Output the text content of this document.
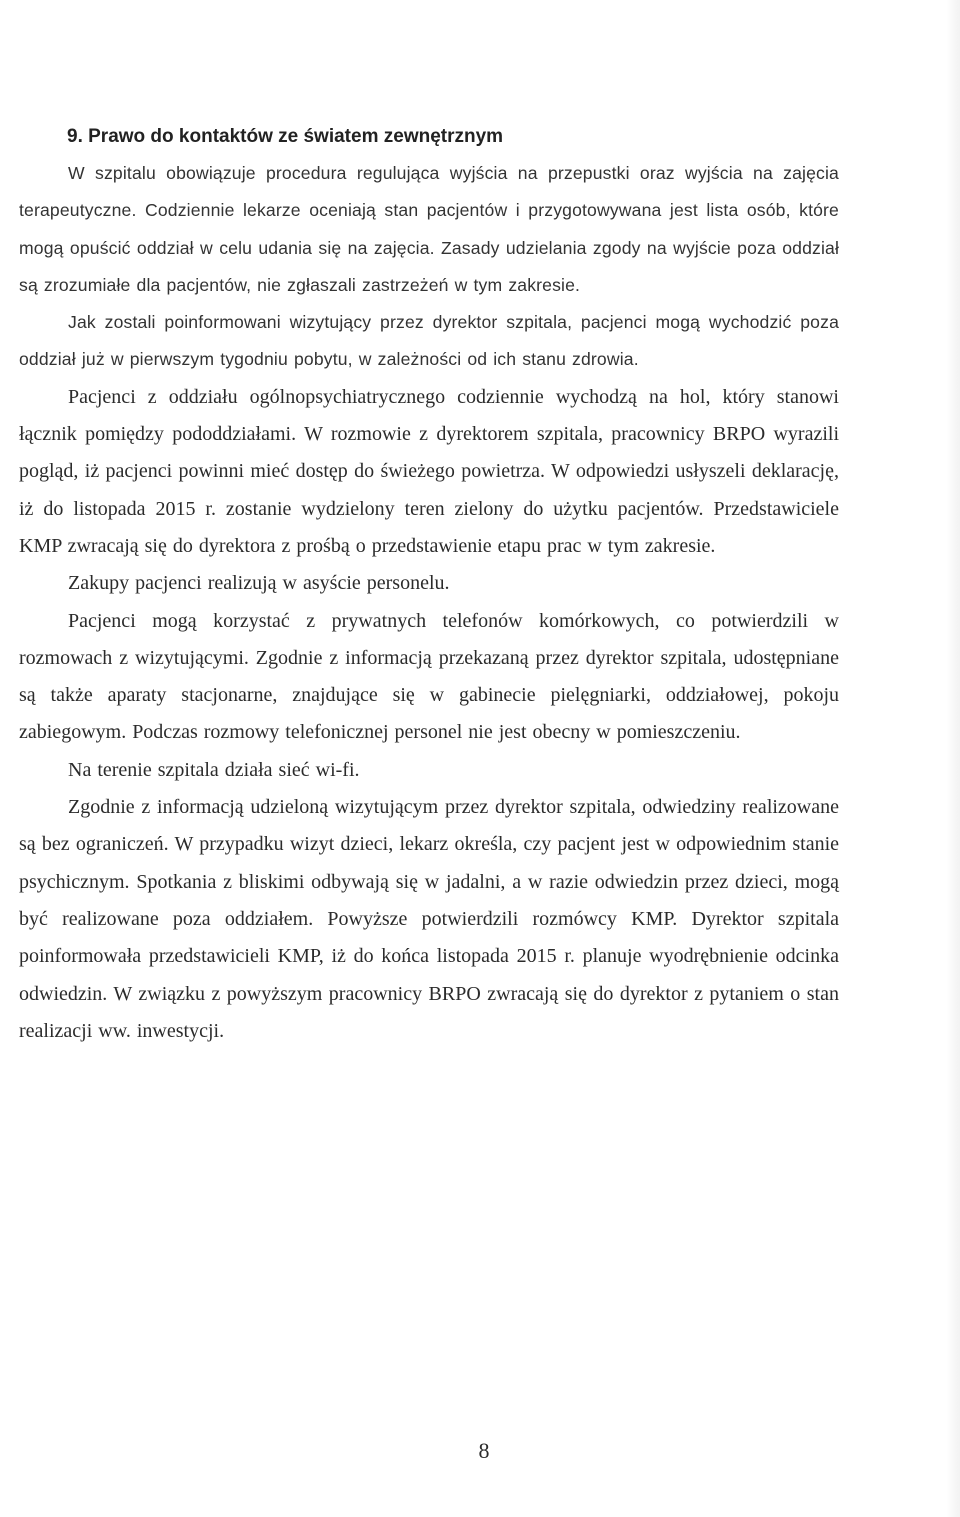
9. Prawo do kontaktów ze światem zewnętrznym

W szpitalu obowiązuje procedura regulująca wyjścia na przepustki oraz wyjścia na zajęcia terapeutyczne. Codziennie lekarze oceniają stan pacjentów i przygotowywana jest lista osób, które mogą opuścić oddział w celu udania się na zajęcia. Zasady udzielania zgody na wyjście poza oddział są zrozumiałe dla pacjentów, nie zgłaszali zastrzeżeń w tym zakresie.

Jak zostali poinformowani wizytujący przez dyrektor szpitala, pacjenci mogą wychodzić poza oddział już w pierwszym tygodniu pobytu, w zależności od ich stanu zdrowia.

Pacjenci z oddziału ogólnopsychiatrycznego codziennie wychodzą na hol, który stanowi łącznik pomiędzy pododdziałami. W rozmowie z dyrektorem szpitala, pracownicy BRPO wyrazili pogląd, iż pacjenci powinni mieć dostęp do świeżego powietrza. W odpowiedzi usłyszeli deklarację, iż do listopada 2015 r. zostanie wydzielony teren zielony do użytku pacjentów. Przedstawiciele KMP zwracają się do dyrektora z prośbą o przedstawienie etapu prac w tym zakresie.

Zakupy pacjenci realizują w asyście personelu.

Pacjenci mogą korzystać z prywatnych telefonów komórkowych, co potwierdzili w rozmowach z wizytującymi. Zgodnie z informacją przekazaną przez dyrektor szpitala, udostępniane są także aparaty stacjonarne, znajdujące się w gabinecie pielęgniarki, oddziałowej, pokoju zabiegowym. Podczas rozmowy telefonicznej personel nie jest obecny w pomieszczeniu.

Na terenie szpitala działa sieć wi-fi.

Zgodnie z informacją udzieloną wizytującym przez dyrektor szpitala, odwiedziny realizowane są bez ograniczeń. W przypadku wizyt dzieci, lekarz określa, czy pacjent jest w odpowiednim stanie psychicznym. Spotkania z bliskimi odbywają się w jadalni, a w razie odwiedzin przez dzieci, mogą być realizowane poza oddziałem. Powyższe potwierdzili rozmówcy KMP. Dyrektor szpitala poinformowała przedstawicieli KMP, iż do końca listopada 2015 r. planuje wyodrębnienie odcinka odwiedzin. W związku z powyższym pracownicy BRPO zwracają się do dyrektor z pytaniem o stan realizacji ww. inwestycji.

8
